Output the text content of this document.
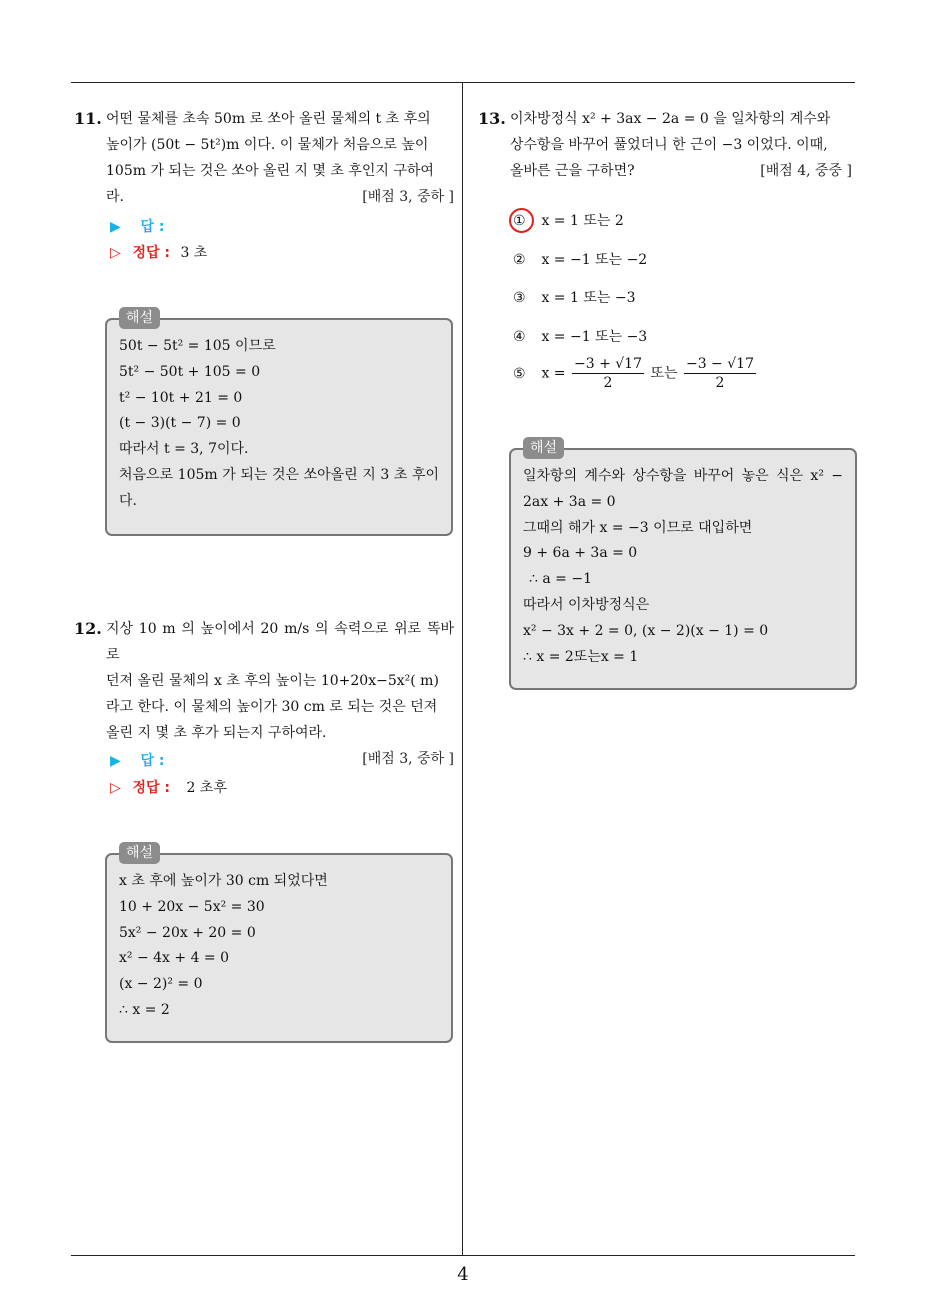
11. 어떤 물체를 초속 50m 로 쏘아 올린 물체의 t 초 후의
높이가 (50t − 5t²)m 이다. 이 물체가 처음으로 높이
105m 가 되는 것은 쏘아 올린 지 몇 초 후인지 구하여
라.	[배점 3, 중하 ]
▶ 답 :
▷ 정답 : 3 초
해설
50t − 5t² = 105 이므로
5t² − 50t + 105 = 0
t² − 10t + 21 = 0
(t − 3)(t − 7) = 0
따라서 t = 3, 7이다.
처음으로 105m 가 되는 것은 쏘아올린 지 3 초 후이다.
12. 지상 10 m 의 높이에서 20 m/s 의 속력으로 위로 똑바로
던져 올린 물체의 x 초 후의 높이는 10+20x−5x²( m)
라고 한다. 이 물체의 높이가 30 cm 로 되는 것은 던져
올린 지 몇 초 후가 되는지 구하여라.
[배점 3, 중하 ]
▶ 답 :
▷ 정답 : 2 초후
해설
x 초 후에 높이가 30 cm 되었다면
10 + 20x − 5x² = 30
5x² − 20x + 20 = 0
x² − 4x + 4 = 0
(x − 2)² = 0
∴ x = 2
13. 이차방정식 x² + 3ax − 2a = 0 을 일차항의 계수와
상수항을 바꾸어 풀었더니 한 근이 −3 이었다. 이때,
올바른 근을 구하면?	[배점 4, 중중 ]
① x = 1 또는 2
② x = −1 또는 −2
③ x = 1 또는 −3
④ x = −1 또는 −3
⑤ $x = \frac{-3 + √17}{2}$ 또는 $\frac{-3 - √17}{2}$
해설
일차항의 계수와 상수항을 바꾸어 놓은 식은 x² − 2ax + 3a = 0
그때의 해가 x = −3 이므로 대입하면
9 + 6a + 3a = 0
∴ a = −1
따라서 이차방정식은
x² − 3x + 2 = 0, (x − 2)(x − 1) = 0
∴ x = 2또는x = 1
4
